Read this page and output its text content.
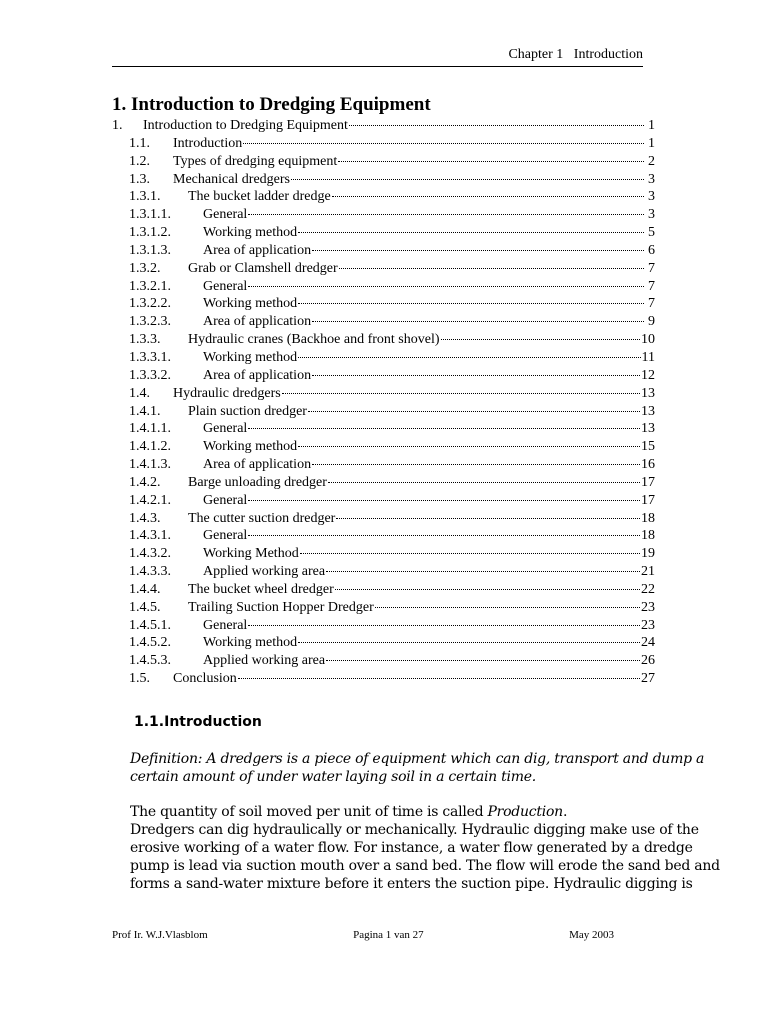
Chapter 1   Introduction
1. Introduction to Dredging Equipment
1.	Introduction to Dredging Equipment	1
1.1.	Introduction	1
1.2.	Types of dredging equipment	2
1.3.	Mechanical dredgers	3
1.3.1.	The bucket ladder dredge	3
1.3.1.1.	General	3
1.3.1.2.	Working method	5
1.3.1.3.	Area of application	6
1.3.2.	Grab or Clamshell dredger	7
1.3.2.1.	General	7
1.3.2.2.	Working method	7
1.3.2.3.	Area of application	9
1.3.3.	Hydraulic cranes (Backhoe and front shovel)	10
1.3.3.1.	Working method	11
1.3.3.2.	Area of application	12
1.4.	Hydraulic dredgers	13
1.4.1.	Plain suction dredger	13
1.4.1.1.	General	13
1.4.1.2.	Working method	15
1.4.1.3.	Area of application	16
1.4.2.	Barge unloading dredger	17
1.4.2.1.	General	17
1.4.3.	The cutter suction dredger	18
1.4.3.1.	General	18
1.4.3.2.	Working Method	19
1.4.3.3.	Applied working area	21
1.4.4.	The bucket wheel dredger	22
1.4.5.	Trailing Suction Hopper Dredger	23
1.4.5.1.	General	23
1.4.5.2.	Working method	24
1.4.5.3.	Applied working area	26
1.5.	Conclusion	27
1.1.Introduction

Definition: A dredgers is a piece of equipment which can dig, transport and dump a
certain amount of under water laying soil in a certain time.

The quantity of soil moved per unit of time is called Production.
Dredgers can dig hydraulically or mechanically. Hydraulic digging make use of the
erosive working of a water flow. For instance, a water flow generated by a dredge
pump is lead via suction mouth over a sand bed. The flow will erode the sand bed and
forms a sand-water mixture before it enters the suction pipe. Hydraulic digging is

Prof Ir. W.J.Vlasblom	Pagina 1 van 27	May 2003
